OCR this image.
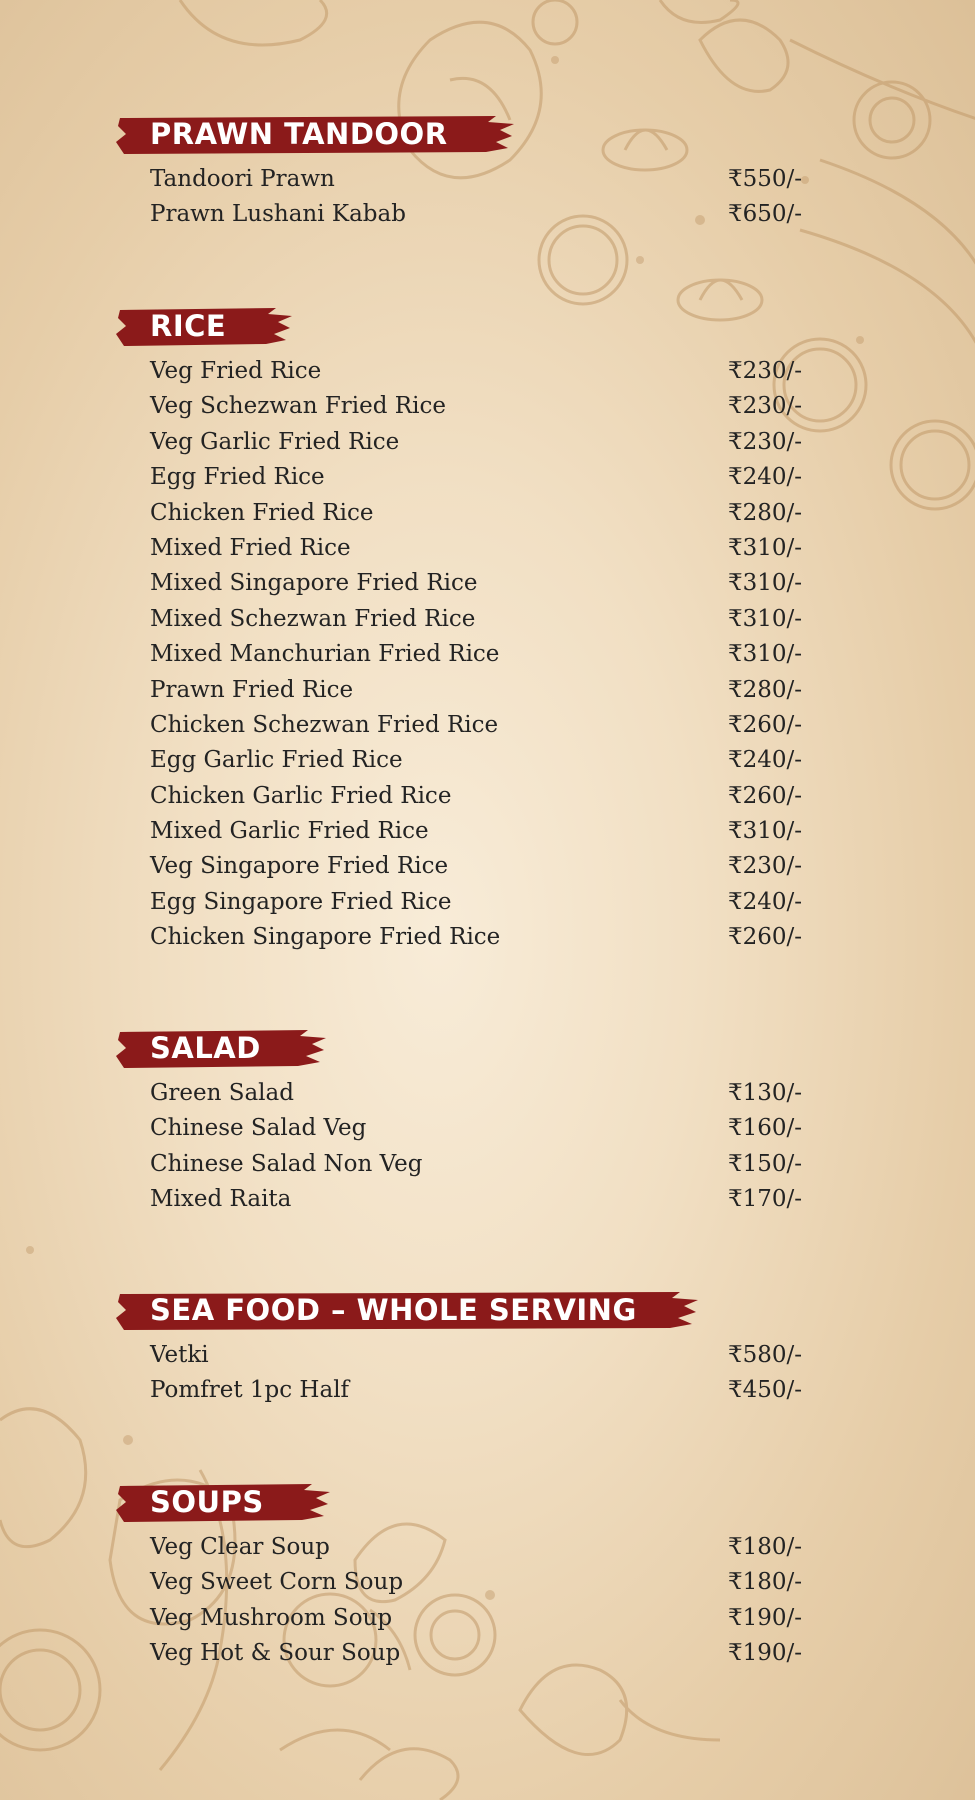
PRAWN TANDOOR
Tandoori Prawn	₹550/-
Prawn Lushani Kabab	₹650/-
RICE
Veg Fried Rice	₹230/-
Veg Schezwan Fried Rice	₹230/-
Veg Garlic Fried Rice	₹230/-
Egg Fried Rice	₹240/-
Chicken Fried Rice	₹280/-
Mixed Fried Rice	₹310/-
Mixed Singapore Fried Rice	₹310/-
Mixed Schezwan Fried Rice	₹310/-
Mixed Manchurian Fried Rice	₹310/-
Prawn Fried Rice	₹280/-
Chicken Schezwan Fried Rice	₹260/-
Egg Garlic Fried Rice	₹240/-
Chicken Garlic Fried Rice	₹260/-
Mixed Garlic Fried Rice	₹310/-
Veg Singapore Fried Rice	₹230/-
Egg Singapore Fried Rice	₹240/-
Chicken Singapore Fried Rice	₹260/-
SALAD
Green Salad	₹130/-
Chinese Salad Veg	₹160/-
Chinese Salad Non Veg	₹150/-
Mixed Raita	₹170/-
SEA FOOD – WHOLE SERVING
Vetki	₹580/-
Pomfret 1pc Half	₹450/-
SOUPS
Veg Clear Soup	₹180/-
Veg Sweet Corn Soup	₹180/-
Veg Mushroom Soup	₹190/-
Veg Hot & Sour Soup	₹190/-
